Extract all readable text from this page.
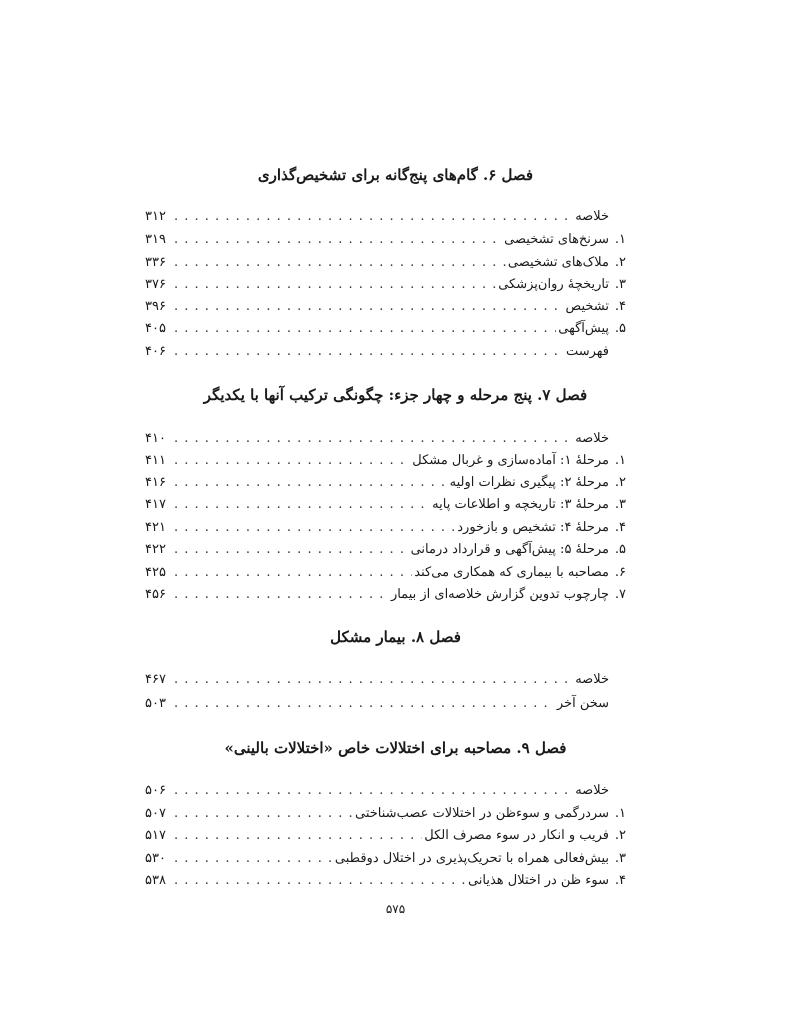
فصل ۶. گام‌های پنج‌گانه برای تشخیص‌گذاری
خلاصه
. . .
۳۱۲
۱.
سرنخ‌های تشخیصی
. . .
۳۱۹
۲.
ملاک‌های تشخیصی
. . .
۳۳۶
۳.
تاریخچهٔ روان‌پزشکی
. . .
۳۷۶
۴.
تشخیص
. . .
۳۹۶
۵.
پیش‌آگهی
. . .
۴۰۵
فهرست
. . .
۴۰۶
فصل ۷. پنج مرحله و چهار جزء: چگونگی ترکیب آنها با یکدیگر
خلاصه
. . .
۴۱۰
۱.
مرحلهٔ ۱: آماده‌سازی و غربال مشکل
. . .
۴۱۱
۲.
مرحلهٔ ۲: پیگیری نظرات اولیه
. . .
۴۱۶
۳.
مرحلهٔ ۳: تاریخچه و اطلاعات پایه
. . .
۴۱۷
۴.
مرحلهٔ ۴: تشخیص و بازخورد
. . .
۴۲۱
۵.
مرحلهٔ ۵: پیش‌آگهی و قرارداد درمانی
. . .
۴۲۲
۶.
مصاحبه با بیماری که همکاری می‌کند
. . .
۴۲۵
۷.
چارچوب تدوین گزارش خلاصه‌ای از بیمار
. . .
۴۵۶
فصل ۸. بیمار مشکل
خلاصه
. . .
۴۶۷
سخن آخر
. . .
۵۰۳
فصل ۹. مصاحبه برای اختلالات خاص «اختلالات بالینی»
خلاصه
. . .
۵۰۶
۱.
سردرگمی و سوءظن در اختلالات عصب‌شناختی
. . .
۵۰۷
۲.
فریب و انکار در سوء مصرف الکل
. . .
۵۱۷
۳.
بیش‌فعالی همراه با تحریک‌پذیری در اختلال دوقطبی
. . .
۵۳۰
۴.
سوء ظن در اختلال هذیانی
. . .
۵۳۸
۵۷۵
